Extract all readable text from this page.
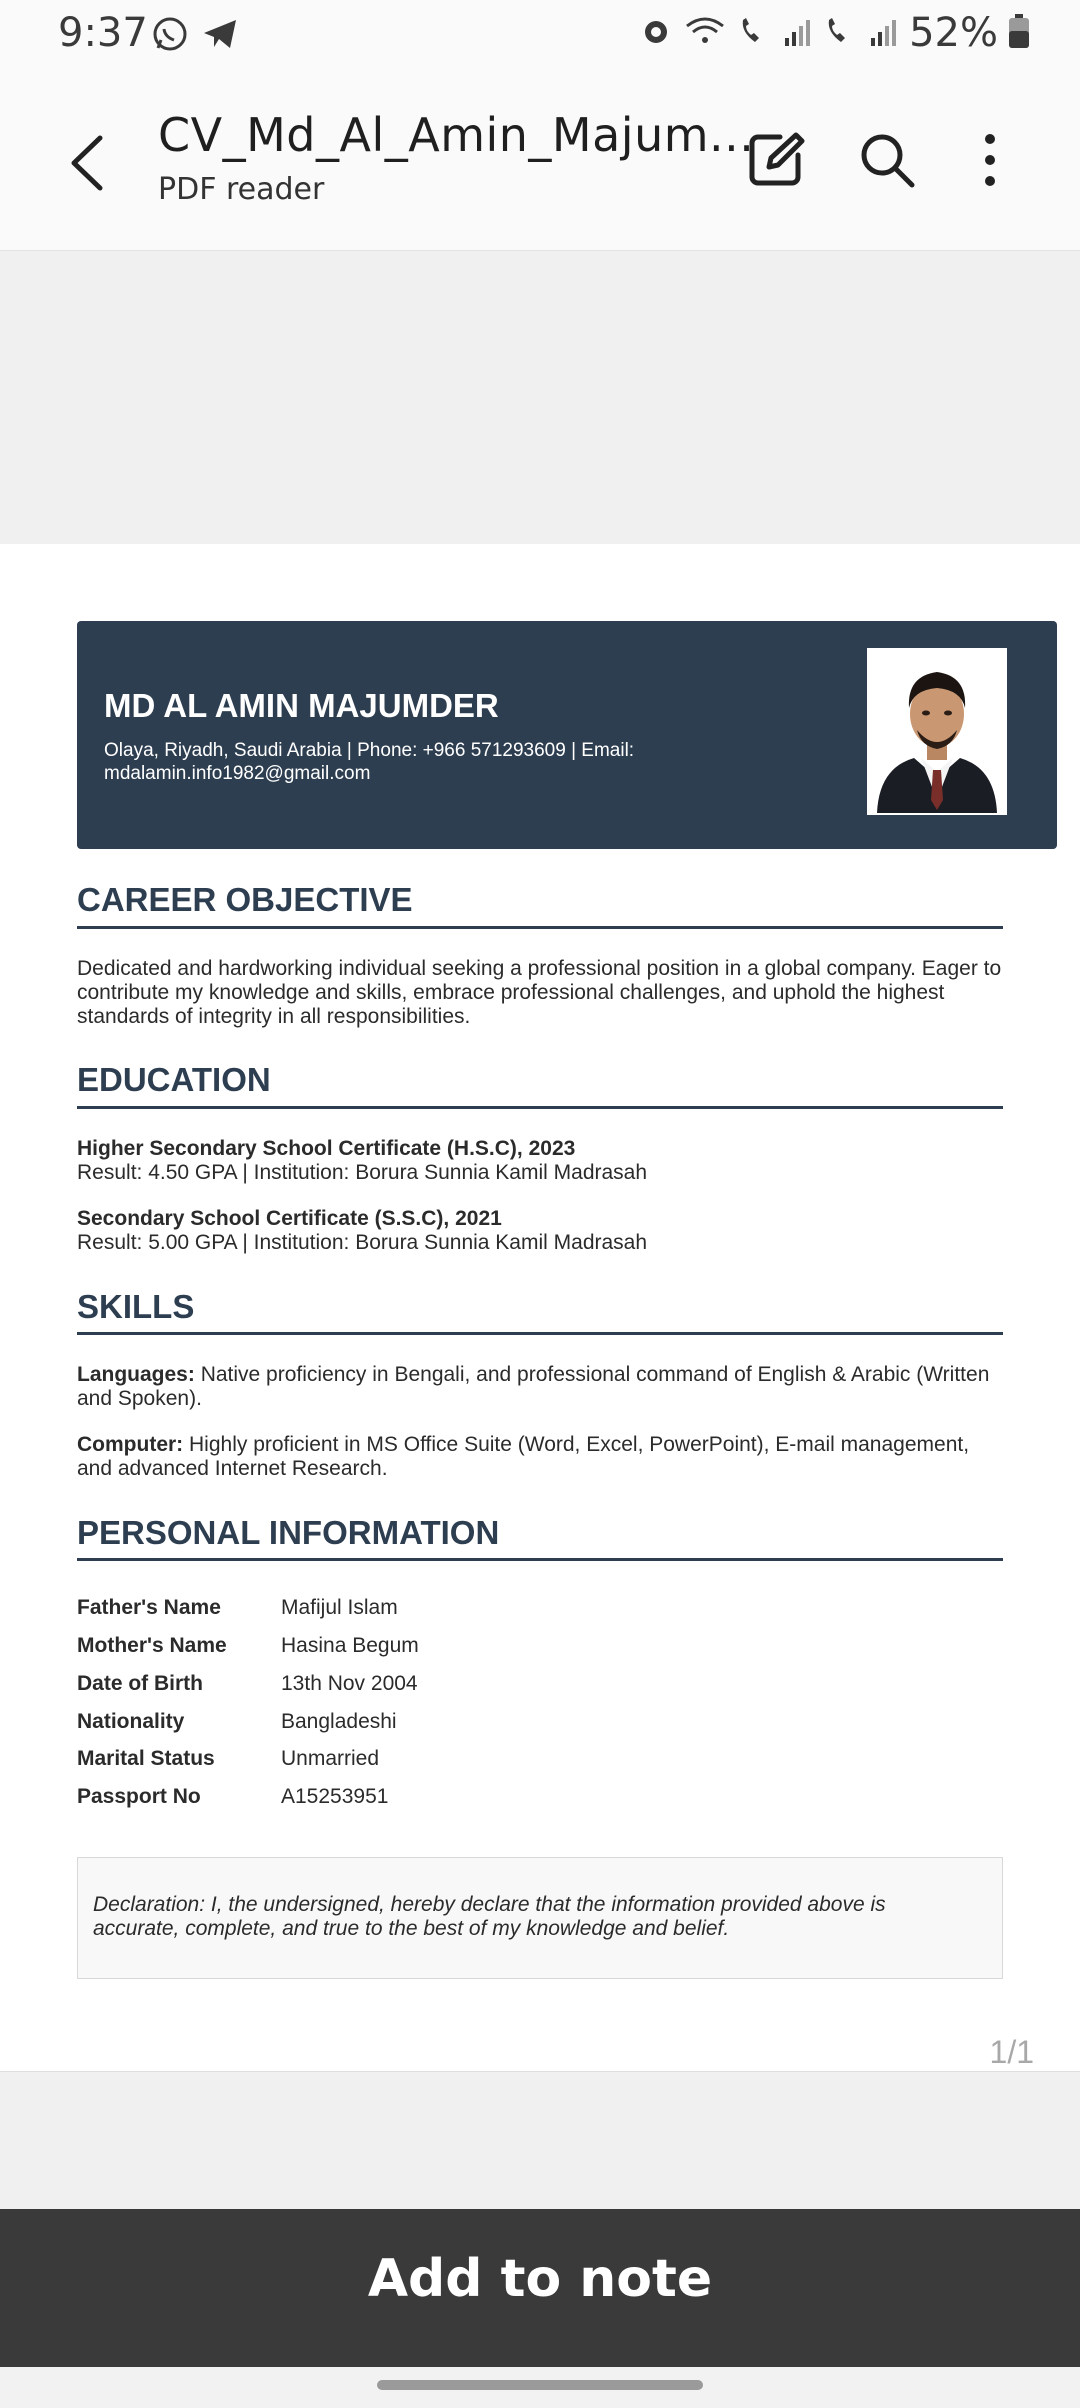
9:37	52%
CV_Md_Al_Amin_Majum...
PDF reader
MD AL AMIN MAJUMDER
Olaya, Riyadh, Saudi Arabia | Phone: +966 571293609 | Email: mdalamin.info1982@gmail.com
CAREER OBJECTIVE
Dedicated and hardworking individual seeking a professional position in a global company. Eager to contribute my knowledge and skills, embrace professional challenges, and uphold the highest standards of integrity in all responsibilities.
EDUCATION
Higher Secondary School Certificate (H.S.C), 2023
Result: 4.50 GPA | Institution: Borura Sunnia Kamil Madrasah
Secondary School Certificate (S.S.C), 2021
Result: 5.00 GPA | Institution: Borura Sunnia Kamil Madrasah
SKILLS
Languages: Native proficiency in Bengali, and professional command of English & Arabic (Written and Spoken).
Computer: Highly proficient in MS Office Suite (Word, Excel, PowerPoint), E-mail management, and advanced Internet Research.
PERSONAL INFORMATION
Father's Name	Mafijul Islam
Mother's Name	Hasina Begum
Date of Birth	13th Nov 2004
Nationality	Bangladeshi
Marital Status	Unmarried
Passport No	A15253951
Declaration: I, the undersigned, hereby declare that the information provided above is accurate, complete, and true to the best of my knowledge and belief.
1/1
Add to note
